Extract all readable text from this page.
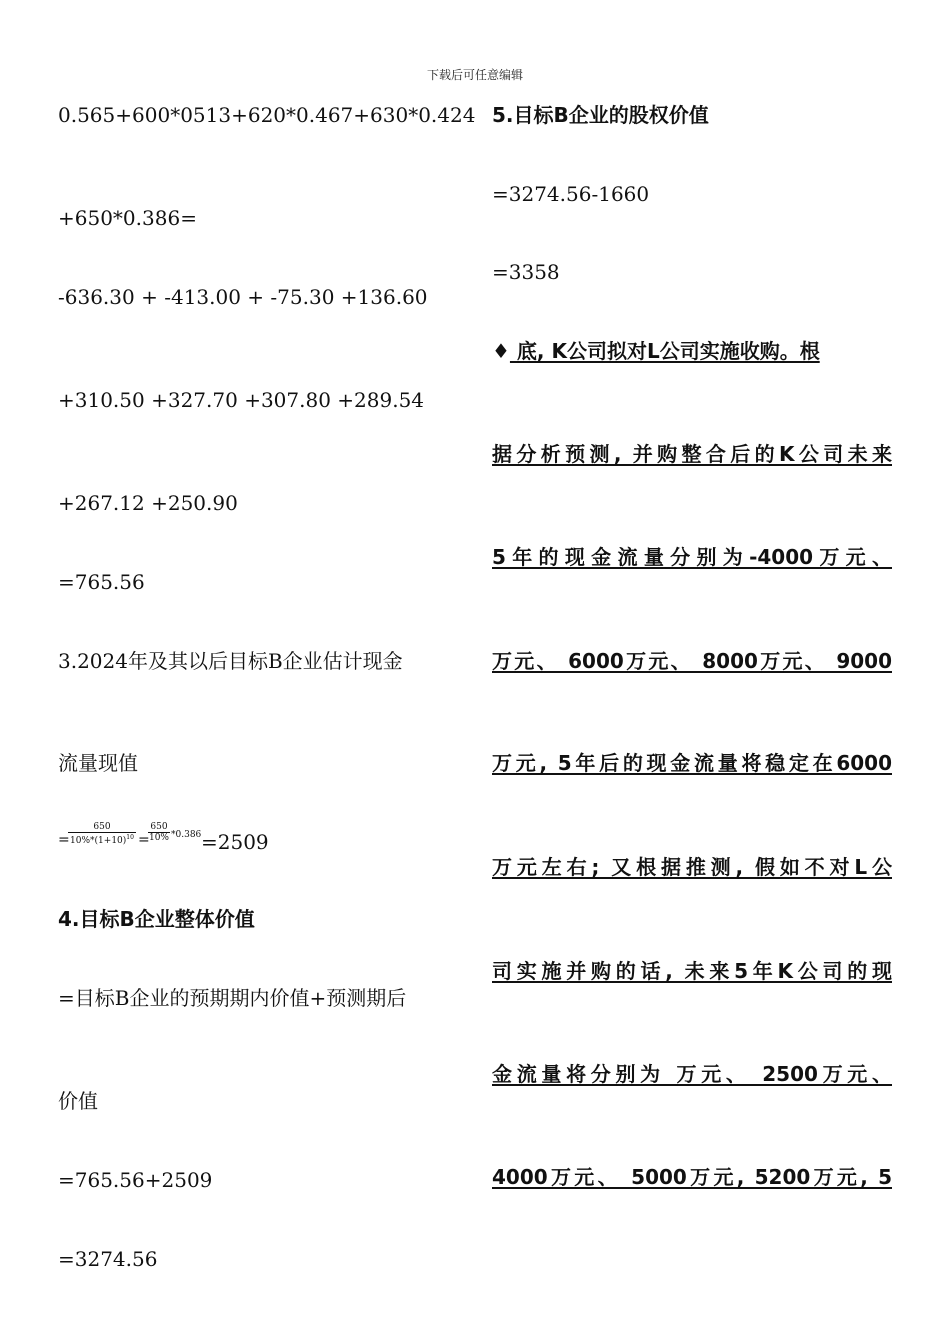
下载后可任意编辑
0.565+600*0513+620*0.467+630*0.424
+650*0.386=
-636.30 + -413.00 + -75.30 +136.60
+310.50 +327.70 +307.80 +289.54
+267.12 +250.90
=765.56
3.2024年及其以后目标B企业估计现金
流量现值
=
$\frac{650}{10\%*(1+10)^{10}}$ =
$\frac{650}{10\%} *0.386 =2509$
4.目标B企业整体价值
=目标B企业的预期期内价值+预测期后
价值
=765.56+2509
=3274.56
5.目标B企业的股权价值
=3274.56-1660
=3358
♦ 底, K公司拟对L公司实施收购。根
据分析预测, 并购整合后的K公司未来
5年的现金流量分别为-4000万元、
万元、 6000万元、 8000万元、 9000
万元, 5年后的现金流量将稳定在6000
万元左右; 又根据推测, 假如不对L公
司实施并购的话, 未来5年K公司的现
金流量将分别为 万元、 2500万元、
4000万元、 5000万元, 5200万元, 5
